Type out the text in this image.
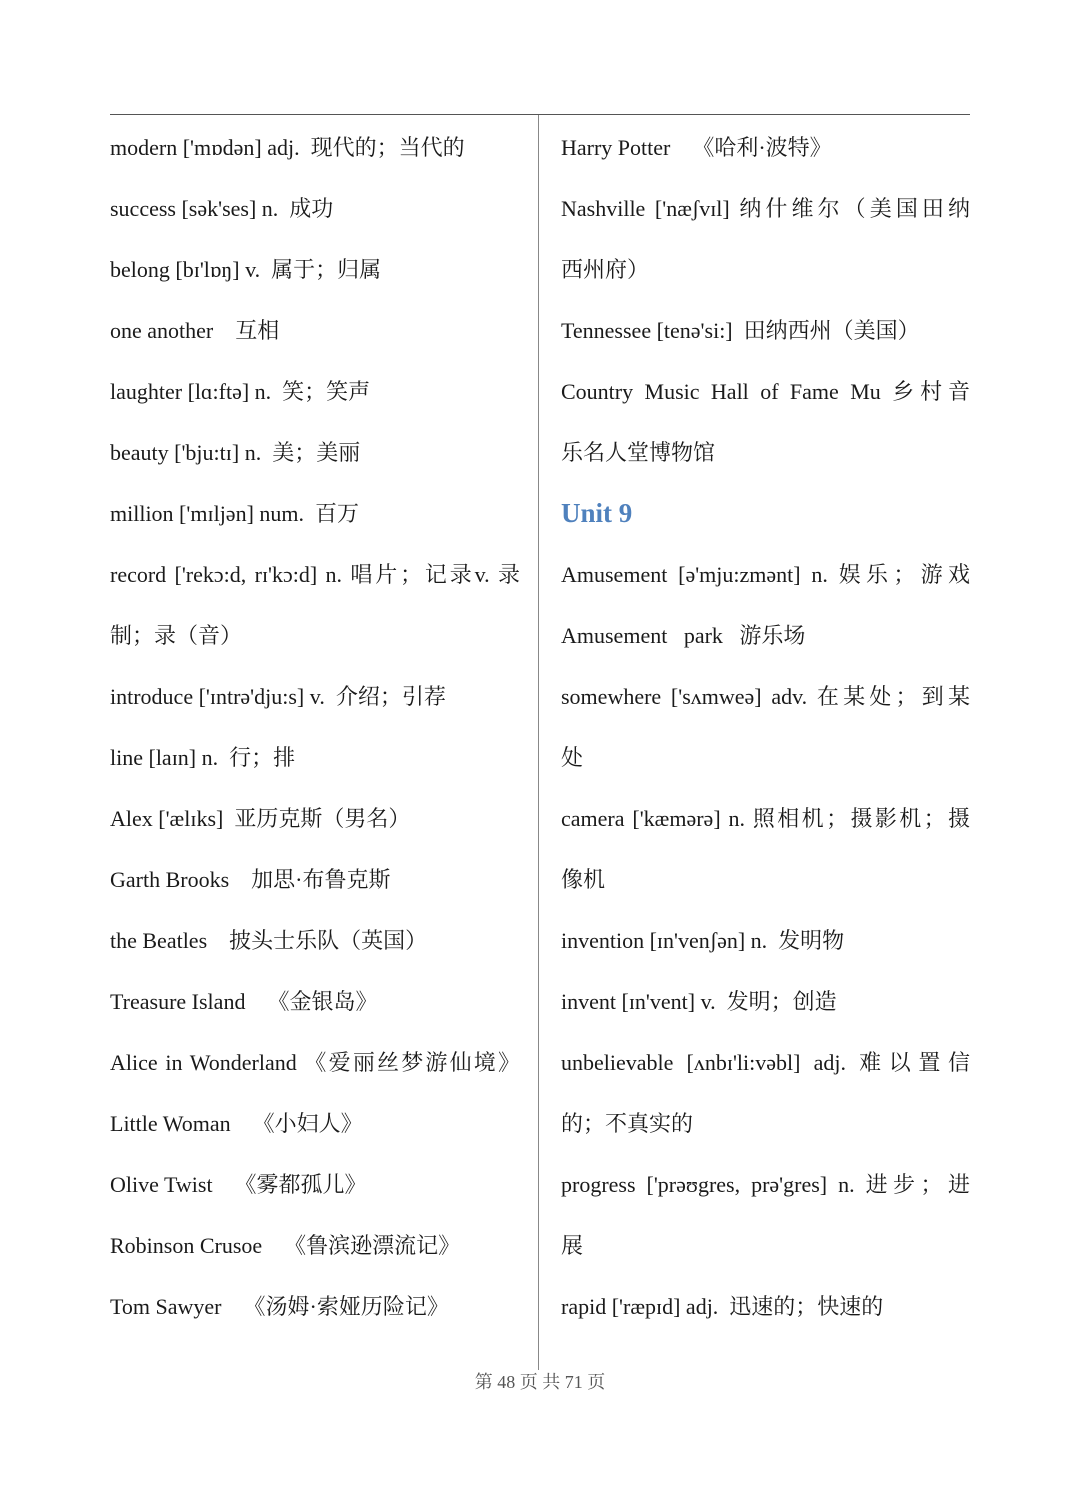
modern ['mɒdən] adj.  现代的；当代的
success [sək'ses] n.  成功
belong [bɪ'lɒŋ] v.  属于；归属
one another    互相
laughter [lɑ:ftə] n.  笑；笑声
beauty ['bju:tɪ] n.  美；美丽
million ['mɪljən] num.  百万
record ['rekɔ:d, rɪ'kɔ:d] n. 唱片；记录v. 录
制；录（音）
introduce ['ɪntrə'dju:s] v.  介绍；引荐
line [laɪn] n.  行；排
Alex ['ælɪks]  亚历克斯（男名）
Garth Brooks    加思·布鲁克斯
the Beatles    披头士乐队（英国）
Treasure Island    《金银岛》
Alice in Wonderland 《爱丽丝梦游仙境》
Little Woman    《小妇人》
Olive Twist    《雾都孤儿》
Robinson Crusoe    《鲁滨逊漂流记》
Tom Sawyer    《汤姆·索娅历险记》
Harry Potter    《哈利·波特》
Nashville ['næʃvɪl] 纳什维尔（美国田纳
西州府）
Tennessee [tenə'si:]  田纳西州（美国）
Country Music Hall of Fame Mu 乡村音
乐名人堂博物馆
Unit 9
Amusement [ə'mju:zmənt] n. 娱乐；游戏
Amusement   park   游乐场
somewhere ['sʌmweə] adv. 在某处；到某
处
camera ['kæmərə] n. 照相机；摄影机；摄
像机
invention [ɪn'venʃən] n.  发明物
invent [ɪn'vent] v.  发明；创造
unbelievable [ʌnbɪ'li:vəbl] adj. 难以置信
的；不真实的
progress ['prəʊgres, prə'gres] n. 进步；进
展
rapid ['ræpɪd] adj.  迅速的；快速的
第 48 页 共 71 页
